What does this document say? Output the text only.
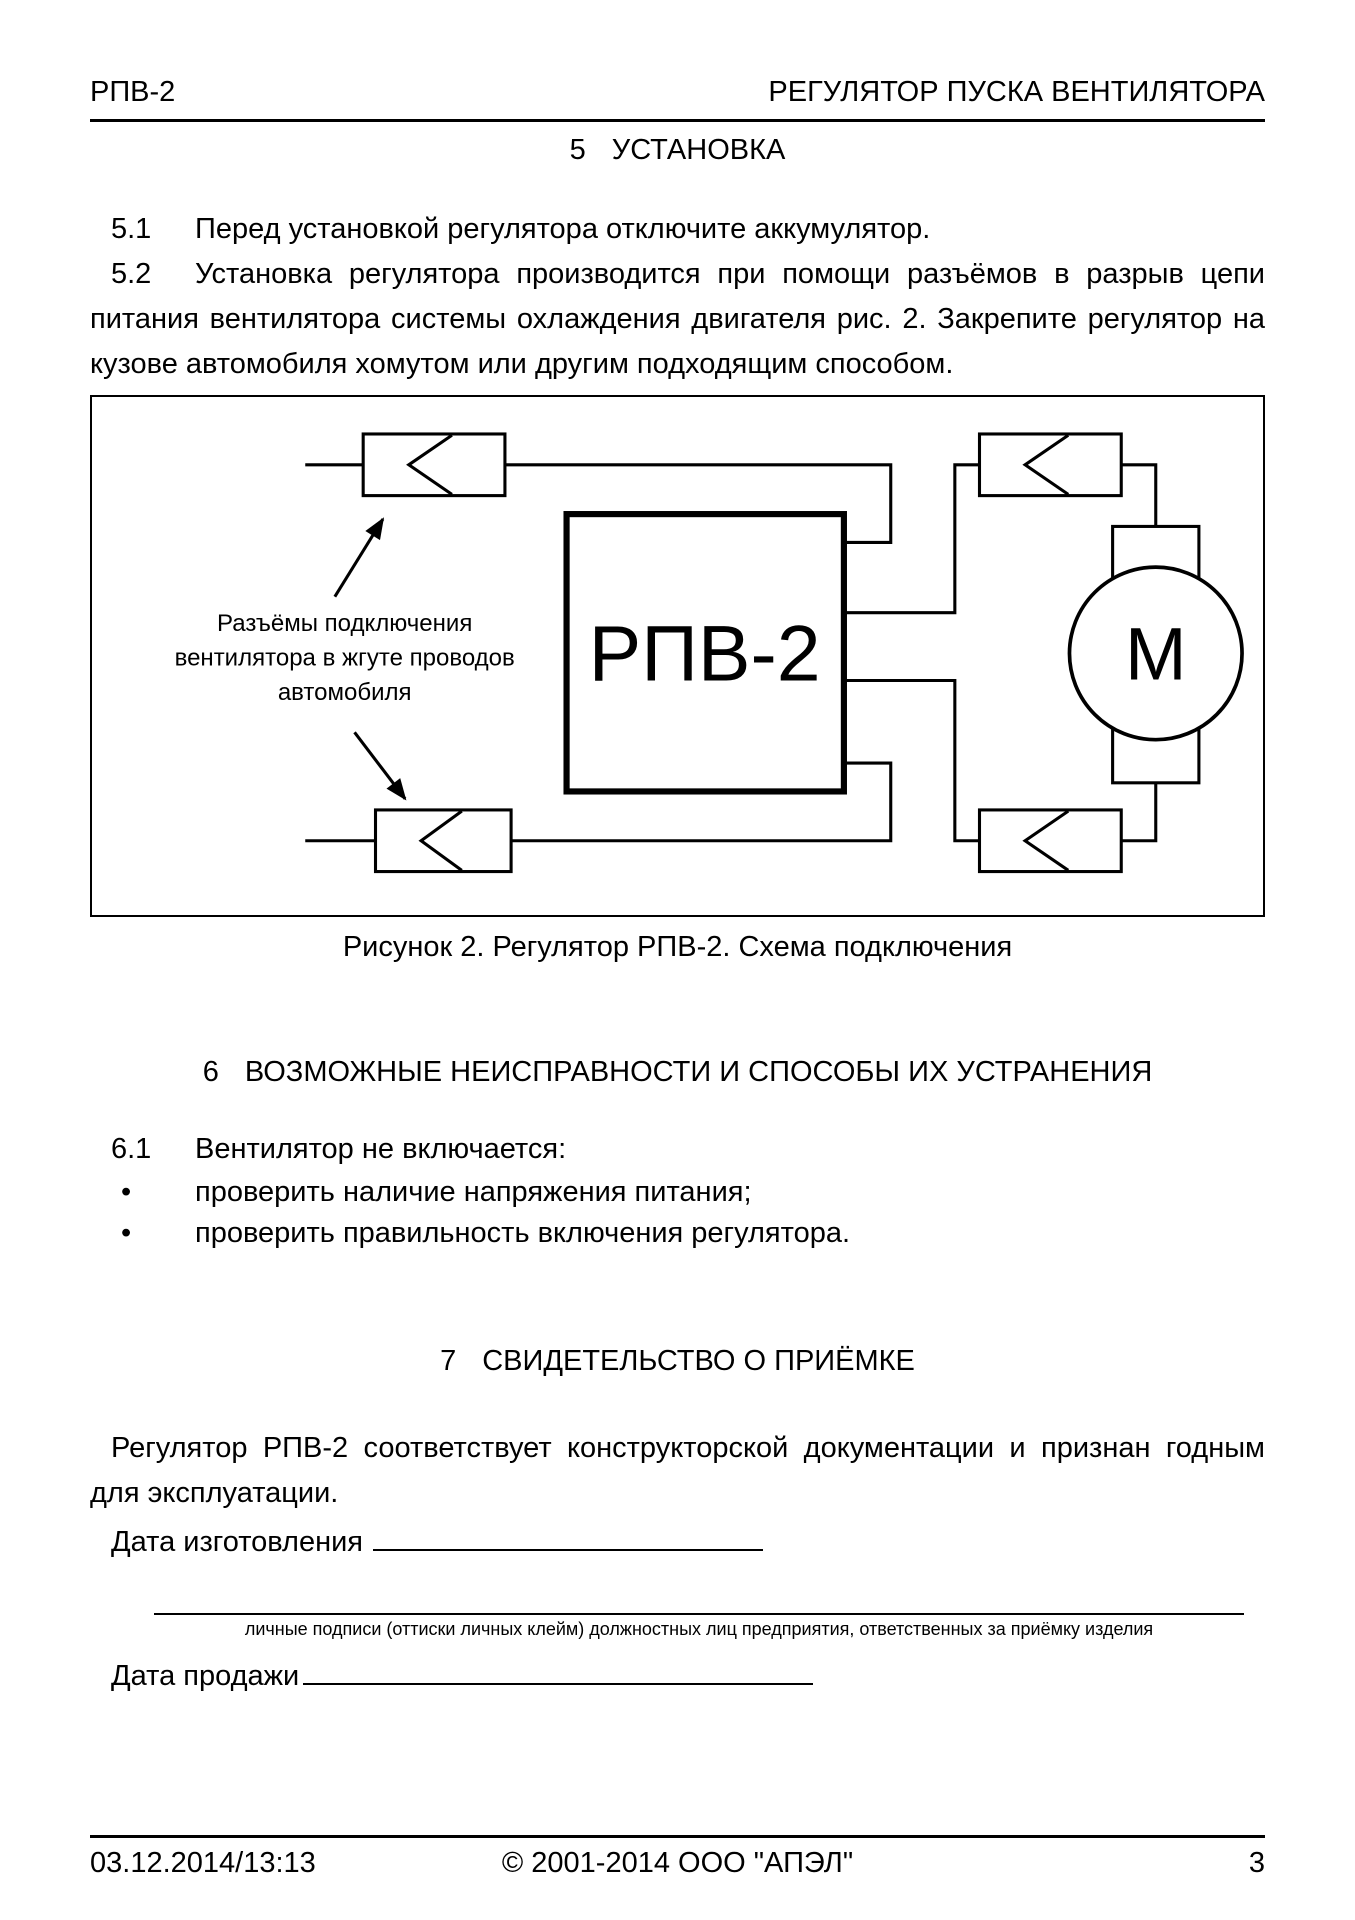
РПВ-2	РЕГУЛЯТОР ПУСКА ВЕНТИЛЯТОРА
5 УСТАНОВКА

5.1 Перед установкой регулятора отключите аккумулятор.

5.2 Установка регулятора производится при помощи разъёмов в разрыв цепи питания вентилятора системы охлаждения двигателя рис. 2. Закрепите регулятор на кузове автомобиля хомутом или другим подходящим способом.

М
РПВ-2
Разъёмы подключения
вентилятора в жгуте проводов
автомобиля
Рисунок 2. Регулятор РПВ-2. Схема подключения
6 ВОЗМОЖНЫЕ НЕИСПРАВНОСТИ И СПОСОБЫ ИХ УСТРАНЕНИЯ

6.1 Вентилятор не включается:

•	проверить наличие напряжения питания;
•	проверить правильность включения регулятора.
7 СВИДЕТЕЛЬСТВО О ПРИЁМКЕ

Регулятор РПВ-2 соответствует конструкторской документации и признан годным для эксплуатации.

Дата изготовления
личные подписи (оттиски личных клейм) должностных лиц предприятия, ответственных за приёмку изделия
Дата продажи
03.12.2014/13:13	© 2001-2014 ООО "АПЭЛ"	3
